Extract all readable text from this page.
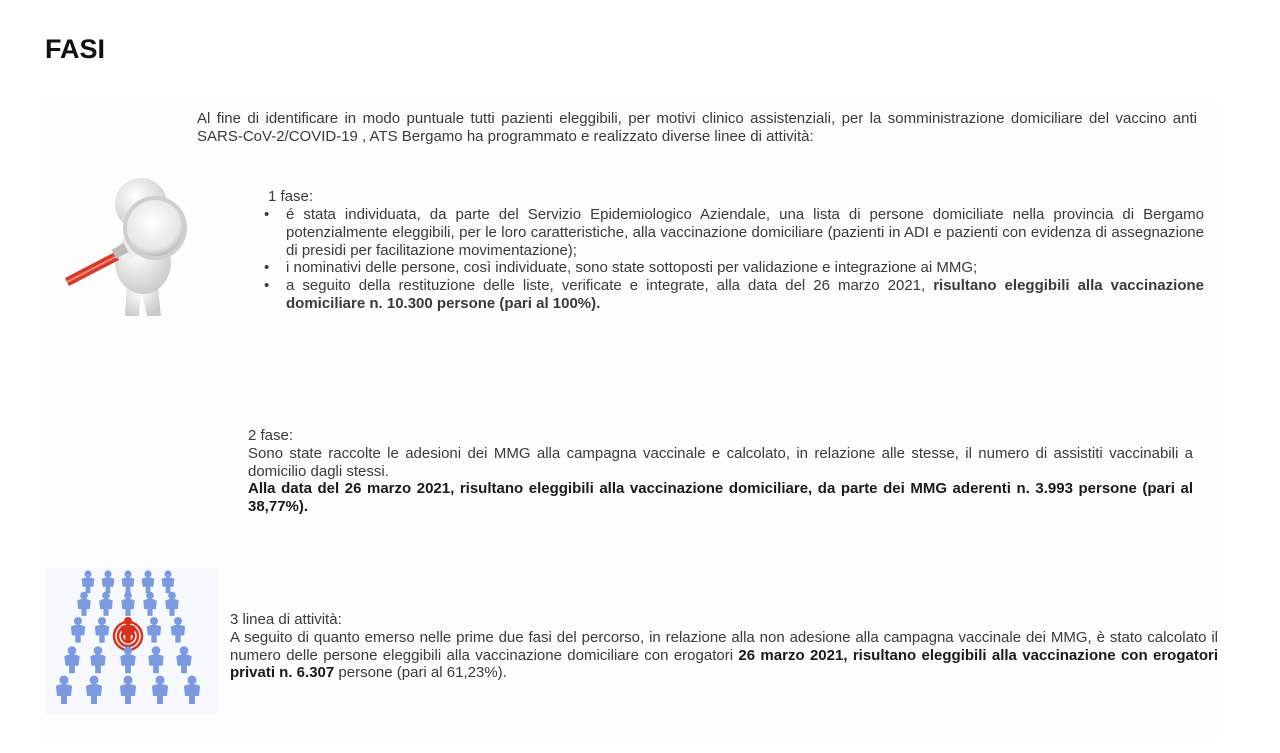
FASI
Al fine di identificare in modo puntuale tutti pazienti eleggibili, per motivi clinico assistenziali, per la somministrazione domiciliare del vaccino anti SARS-CoV-2/COVID-19 , ATS Bergamo ha programmato e realizzato diverse linee di attività:
1 fase:
• é stata individuata, da parte del Servizio Epidemiologico Aziendale, una lista di persone domiciliate nella provincia di Bergamo potenzialmente eleggibili, per le loro caratteristiche, alla vaccinazione domiciliare (pazienti in ADI e pazienti con evidenza di assegnazione di presidi per facilitazione movimentazione);
• i nominativi delle persone, così individuate, sono state sottoposti per validazione e integrazione ai MMG;
• a seguito della restituzione delle liste, verificate e integrate, alla data del 26 marzo 2021, risultano eleggibili alla vaccinazione domiciliare n. 10.300 persone (pari al 100%).
2 fase:
Sono state raccolte le adesioni dei MMG alla campagna vaccinale e calcolato, in relazione alle stesse, il numero di assistiti vaccinabili a domicilio dagli stessi.
Alla data del 26 marzo 2021, risultano eleggibili alla vaccinazione domiciliare, da parte dei MMG aderenti n. 3.993 persone (pari al 38,77%).
3 linea di attività:
A seguito di quanto emerso nelle prime due fasi del percorso, in relazione alla non adesione alla campagna vaccinale dei MMG, è stato calcolato il numero delle persone eleggibili alla vaccinazione domiciliare con erogatori 26 marzo 2021, risultano eleggibili alla vaccinazione con erogatori privati n. 6.307 persone (pari al 61,23%).
